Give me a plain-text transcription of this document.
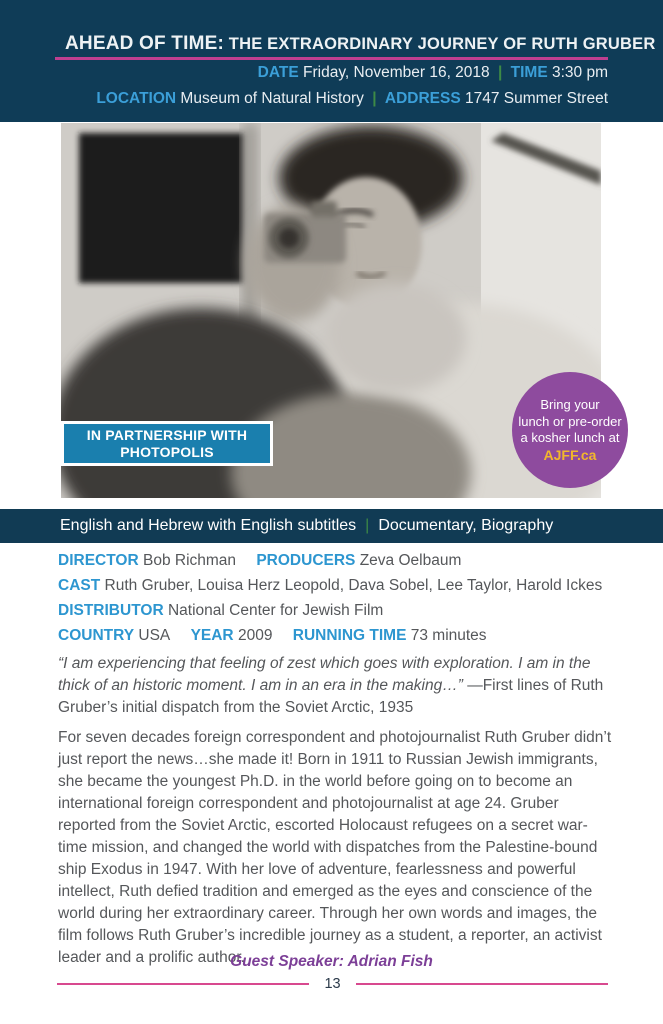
AHEAD OF TIME: THE EXTRAORDINARY JOURNEY OF RUTH GRUBER
DATE Friday, November 16, 2018 | TIME 3:30 pm
LOCATION Museum of Natural History | ADDRESS 1747 Summer Street
IN PARTNERSHIP WITH
PHOTOPOLIS
Bring your
lunch or pre-order
a kosher lunch at
AJFF.ca
English and Hebrew with English subtitles | Documentary, Biography
DIRECTOR Bob Richman PRODUCERS Zeva Oelbaum
CAST Ruth Gruber, Louisa Herz Leopold, Dava Sobel, Lee Taylor, Harold Ickes
DISTRIBUTOR National Center for Jewish Film
COUNTRY USA YEAR 2009 RUNNING TIME 73 minutes
“I am experiencing that feeling of zest which goes with exploration. I am in the thick of an historic moment. I am in an era in the making…” —First lines of Ruth Gruber’s initial dispatch from the Soviet Arctic, 1935
For seven decades foreign correspondent and photojournalist Ruth Gruber didn’t just report the news…she made it! Born in 1911 to Russian Jewish immigrants, she became the youngest Ph.D. in the world before going on to become an international foreign correspondent and photojournalist at age 24. Gruber reported from the Soviet Arctic, escorted Holocaust refugees on a secret war-time mission, and changed the world with dispatches from the Palestine-bound ship Exodus in 1947. With her love of adventure, fearlessness and powerful intellect, Ruth defied tradition and emerged as the eyes and conscience of the world during her extraordinary career. Through her own words and images, the film follows Ruth Gruber’s incredible journey as a student, a reporter, an activist leader and a prolific author.
Guest Speaker: Adrian Fish
13
